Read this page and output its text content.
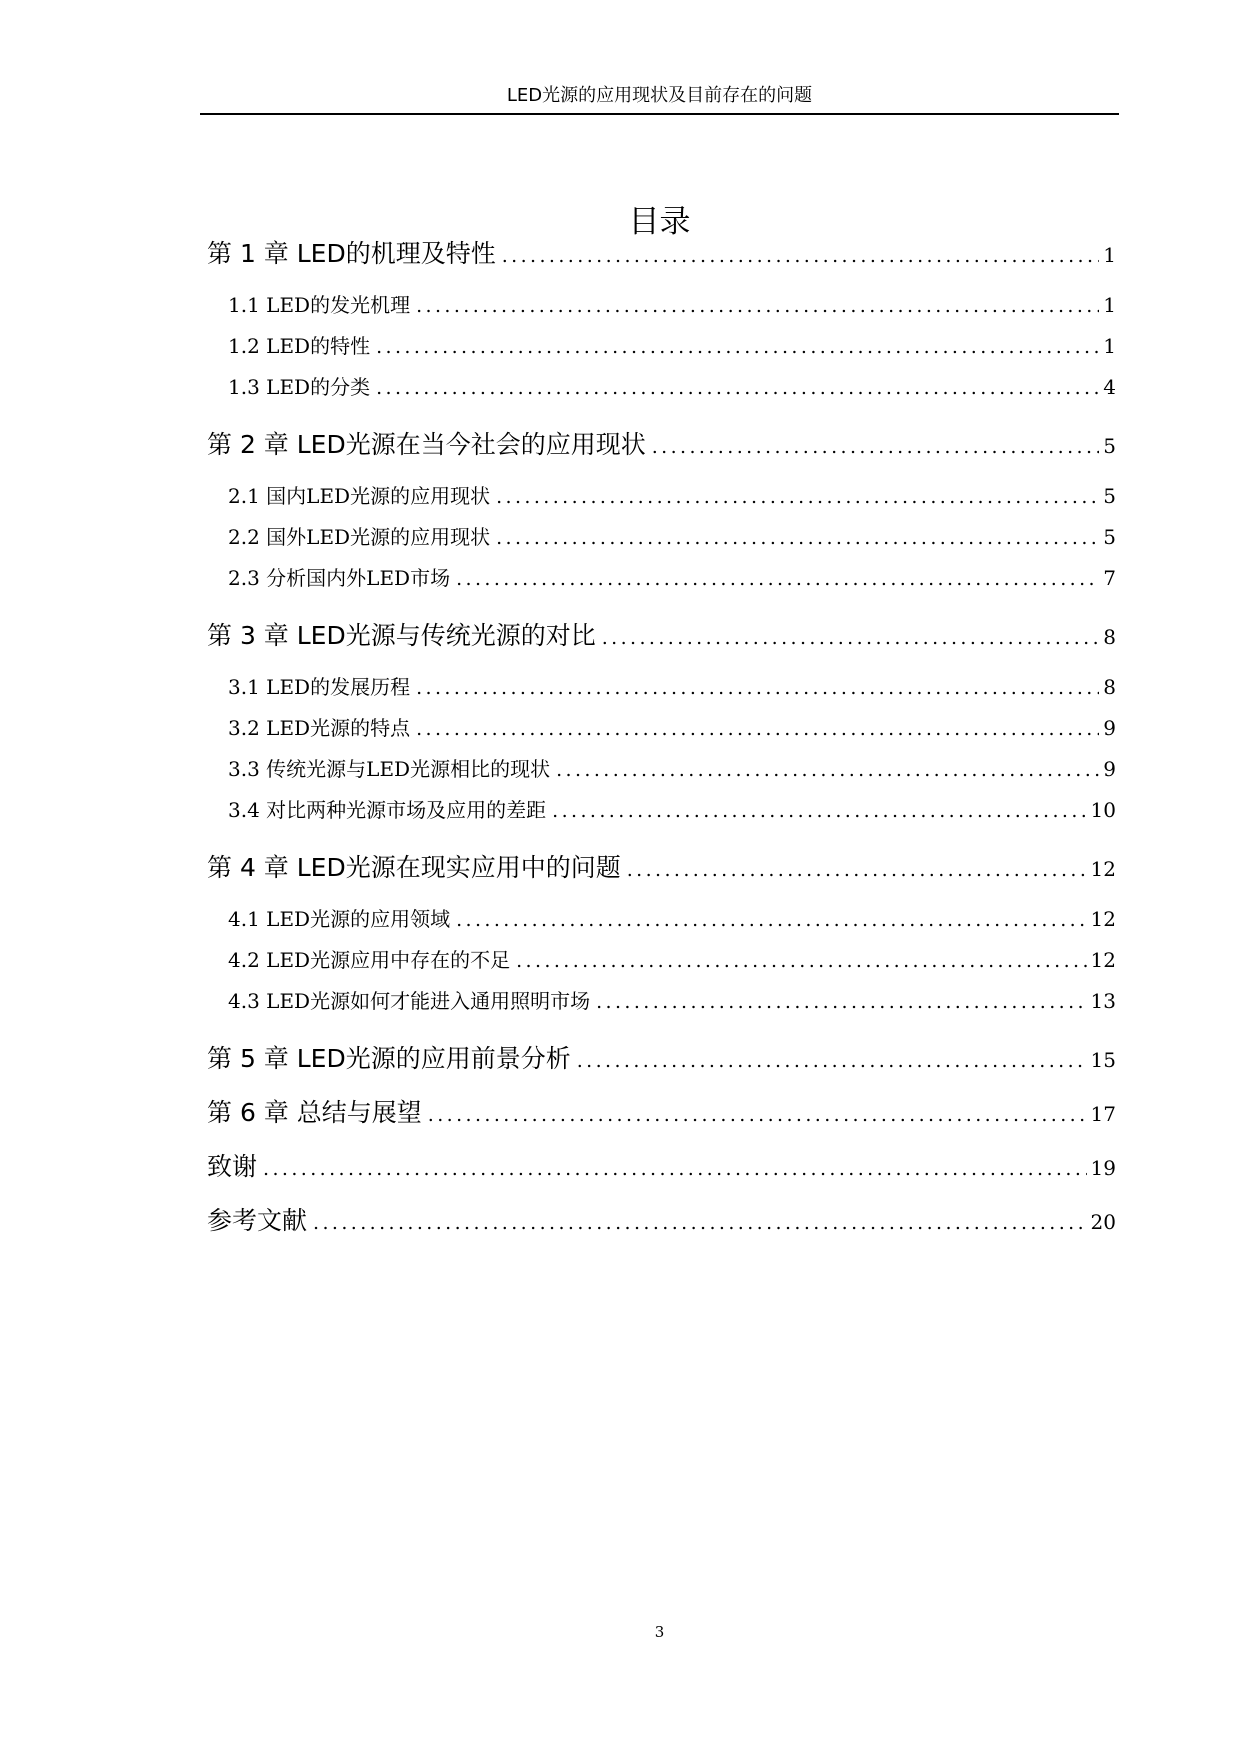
LED光源的应用现状及目前存在的问题
目录
第 1 章 LED的机理及特性 .....	1
1.1 LED的发光机理 .....	1
1.2 LED的特性 .....	1
1.3 LED的分类 .....	4
第 2 章 LED光源在当今社会的应用现状 .....	5
2.1 国内LED光源的应用现状 .....	5
2.2 国外LED光源的应用现状 .....	5
2.3 分析国内外LED市场 .....	7
第 3 章 LED光源与传统光源的对比 .....	8
3.1 LED的发展历程 .....	8
3.2 LED光源的特点 .....	9
3.3 传统光源与LED光源相比的现状 .....	9
3.4 对比两种光源市场及应用的差距 .....	10
第 4 章 LED光源在现实应用中的问题 .....	12
4.1 LED光源的应用领域 .....	12
4.2 LED光源应用中存在的不足 .....	12
4.3 LED光源如何才能进入通用照明市场 .....	13
第 5 章 LED光源的应用前景分析 .....	15
第 6 章 总结与展望 .....	17
致谢 .....	19
参考文献 .....	20
3
